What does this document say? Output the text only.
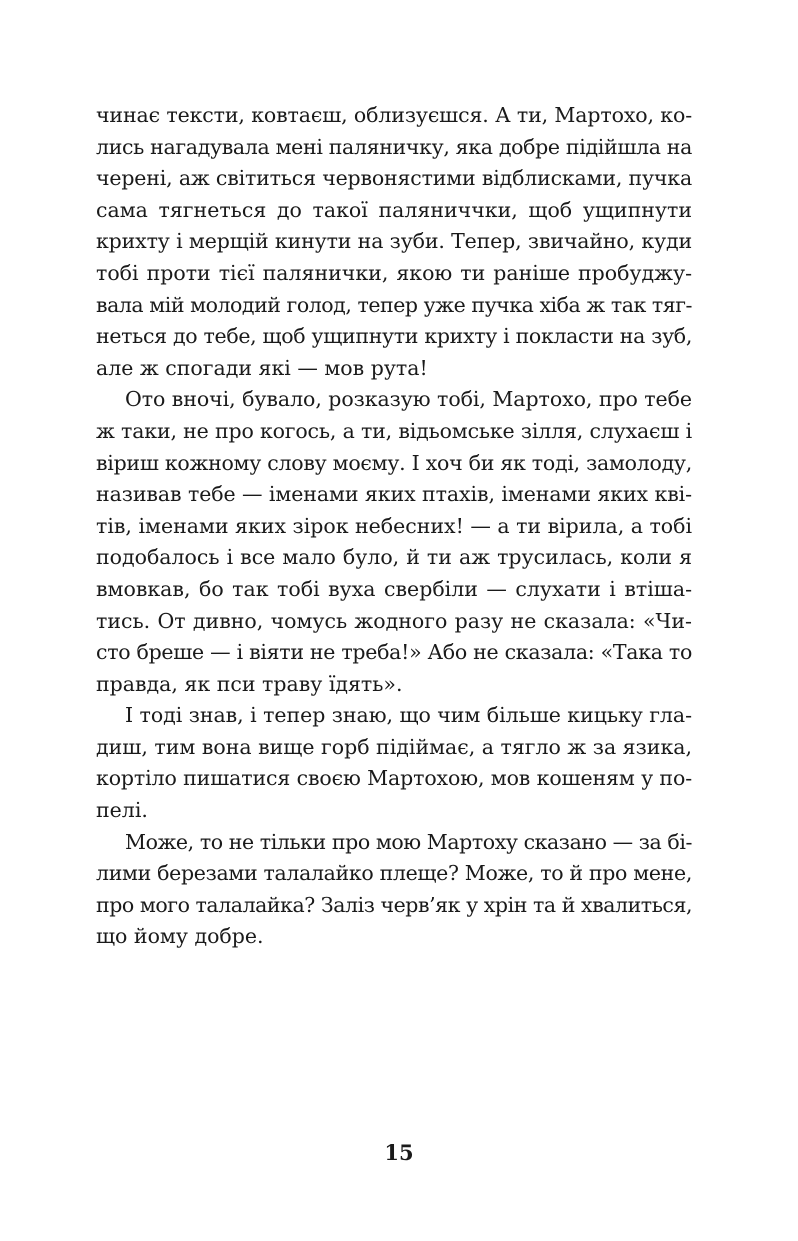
чинає тексти, ковтаєш, облизуєшся. А ти, Мартохо, ко-
лись нагадувала мені паляничку, яка добре підійшла на
черені, аж світиться червонястими відблисками, пучка
сама тягнеться до такої паляниччки, щоб ущипнути
крихту і мерщій кинути на зуби. Тепер, звичайно, куди
тобі проти тієї палянички, якою ти раніше пробуджу-
вала мій молодий голод, тепер уже пучка хіба ж так тяг-
неться до тебе, щоб ущипнути крихту і покласти на зуб,
але ж спогади які — мов рута!
Ото вночі, бувало, розказую тобі, Мартохо, про тебе
ж таки, не про когось, а ти, відьомське зілля, слухаєш і
віриш кожному слову моєму. І хоч би як тоді, замолоду,
називав тебе — іменами яких птахів, іменами яких кві-
тів, іменами яких зірок небесних! — а ти вірила, а тобі
подобалось і все мало було, й ти аж трусилась, коли я
вмовкав, бо так тобі вуха свербіли — слухати і втіша-
тись. От дивно, чомусь жодного разу не сказала: «Чи-
сто бреше — і віяти не треба!» Або не сказала: «Така то
правда, як пси траву їдять».
І тоді знав, і тепер знаю, що чим більше кицьку гла-
диш, тим вона вище горб підіймає, а тягло ж за язика,
кортіло пишатися своєю Мартохою, мов кошеням у по-
пелі.
Може, то не тільки про мою Мартоху сказано — за бі-
лими березами талалайко плеще? Може, то й про мене,
про мого талалайка? Заліз черв’як у хрін та й хвалиться,
що йому добре.
15
